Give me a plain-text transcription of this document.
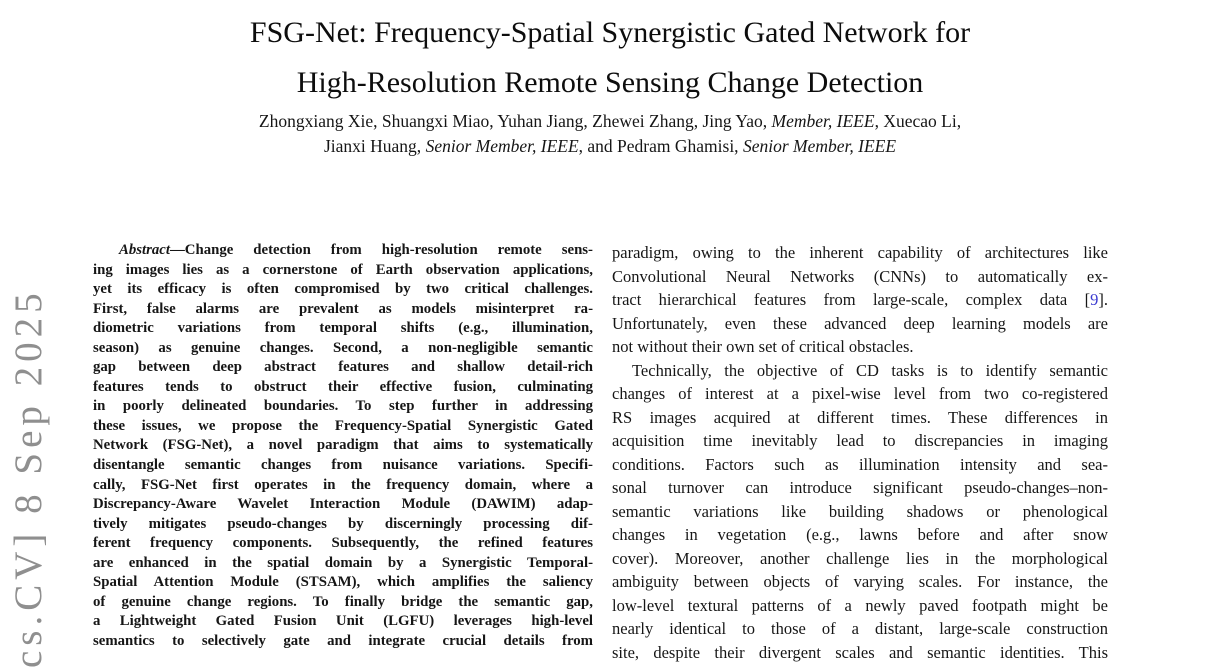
cs.CV] 8 Sep 2025
FSG-Net: Frequency-Spatial Synergistic Gated Network for
High-Resolution Remote Sensing Change Detection
Zhongxiang Xie, Shuangxi Miao, Yuhan Jiang, Zhewei Zhang, Jing Yao, Member, IEEE, Xuecao Li,
Jianxi Huang, Senior Member, IEEE, and Pedram Ghamisi, Senior Member, IEEE
Abstract—Change detection from high-resolution remote sens-
ing images lies as a cornerstone of Earth observation applications,
yet its efficacy is often compromised by two critical challenges.
First, false alarms are prevalent as models misinterpret ra-
diometric variations from temporal shifts (e.g., illumination,
season) as genuine changes. Second, a non-negligible semantic
gap between deep abstract features and shallow detail-rich
features tends to obstruct their effective fusion, culminating
in poorly delineated boundaries. To step further in addressing
these issues, we propose the Frequency-Spatial Synergistic Gated
Network (FSG-Net), a novel paradigm that aims to systematically
disentangle semantic changes from nuisance variations. Specifi-
cally, FSG-Net first operates in the frequency domain, where a
Discrepancy-Aware Wavelet Interaction Module (DAWIM) adap-
tively mitigates pseudo-changes by discerningly processing dif-
ferent frequency components. Subsequently, the refined features
are enhanced in the spatial domain by a Synergistic Temporal-
Spatial Attention Module (STSAM), which amplifies the saliency
of genuine change regions. To finally bridge the semantic gap,
a Lightweight Gated Fusion Unit (LGFU) leverages high-level
semantics to selectively gate and integrate crucial details from
paradigm, owing to the inherent capability of architectures like
Convolutional Neural Networks (CNNs) to automatically ex-
tract hierarchical features from large-scale, complex data [9].
Unfortunately, even these advanced deep learning models are
not without their own set of critical obstacles.
Technically, the objective of CD tasks is to identify semantic
changes of interest at a pixel-wise level from two co-registered
RS images acquired at different times. These differences in
acquisition time inevitably lead to discrepancies in imaging
conditions. Factors such as illumination intensity and sea-
sonal turnover can introduce significant pseudo-changes–non-
semantic variations like building shadows or phenological
changes in vegetation (e.g., lawns before and after snow
cover). Moreover, another challenge lies in the morphological
ambiguity between objects of varying scales. For instance, the
low-level textural patterns of a newly paved footpath might be
nearly identical to those of a distant, large-scale construction
site, despite their divergent scales and semantic identities. This
